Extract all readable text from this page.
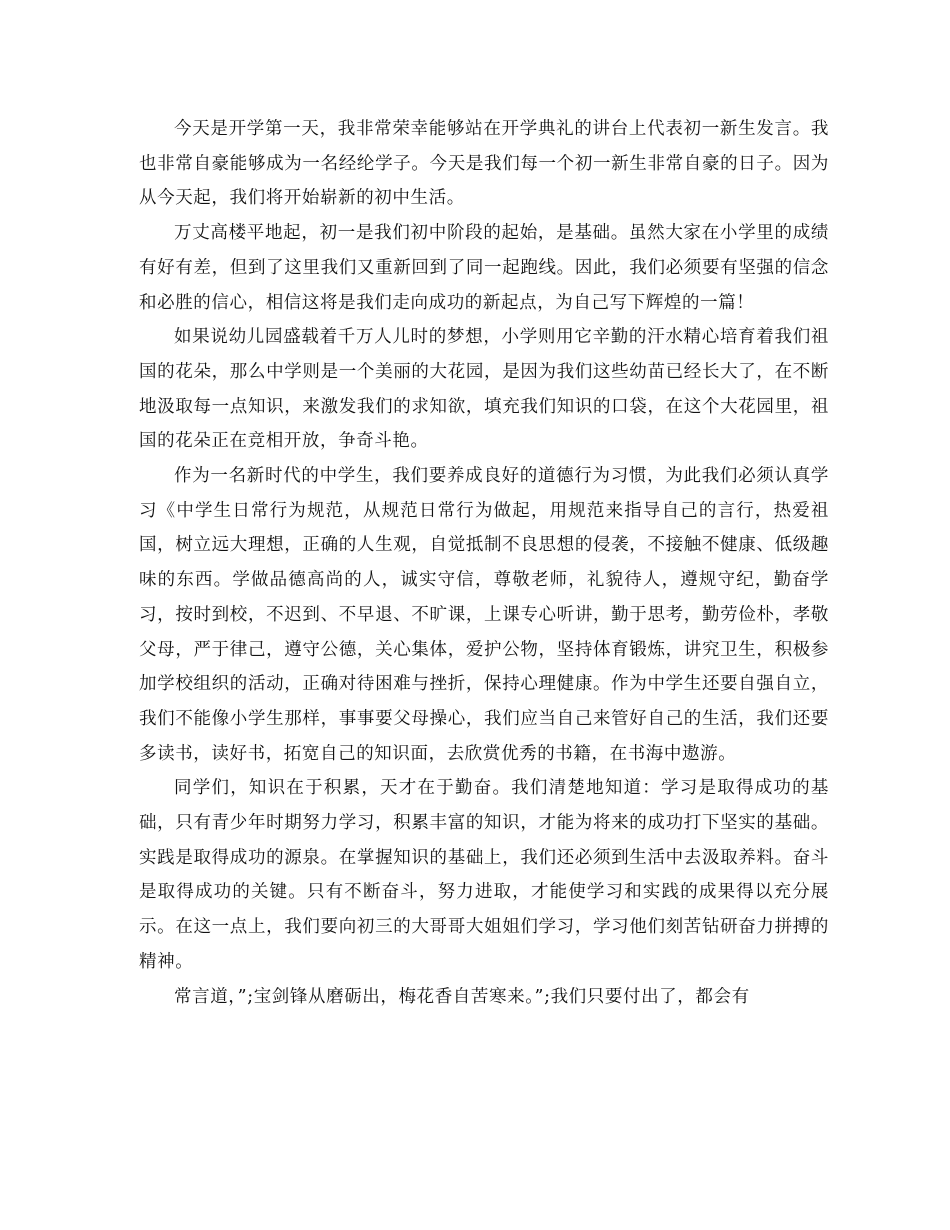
今天是开学第一天，我非常荣幸能够站在开学典礼的讲台上代表初一新生发言。我也非常自豪能够成为一名经纶学子。今天是我们每一个初一新生非常自豪的日子。因为从今天起，我们将开始崭新的初中生活。

万丈高楼平地起，初一是我们初中阶段的起始，是基础。虽然大家在小学里的成绩有好有差，但到了这里我们又重新回到了同一起跑线。因此，我们必须要有坚强的信念和必胜的信心，相信这将是我们走向成功的新起点，为自己写下辉煌的一篇！

如果说幼儿园盛载着千万人儿时的梦想，小学则用它辛勤的汗水精心培育着我们祖国的花朵，那么中学则是一个美丽的大花园，是因为我们这些幼苗已经长大了，在不断地汲取每一点知识，来激发我们的求知欲，填充我们知识的口袋，在这个大花园里，祖国的花朵正在竞相开放，争奇斗艳。

作为一名新时代的中学生，我们要养成良好的道德行为习惯，为此我们必须认真学习《中学生日常行为规范，从规范日常行为做起，用规范来指导自己的言行，热爱祖国，树立远大理想，正确的人生观，自觉抵制不良思想的侵袭，不接触不健康、低级趣味的东西。学做品德高尚的人，诚实守信，尊敬老师，礼貌待人，遵规守纪，勤奋学习，按时到校，不迟到、不早退、不旷课，上课专心听讲，勤于思考，勤劳俭朴，孝敬父母，严于律己，遵守公德，关心集体，爱护公物，坚持体育锻炼，讲究卫生，积极参加学校组织的活动，正确对待困难与挫折，保持心理健康。作为中学生还要自强自立，我们不能像小学生那样，事事要父母操心，我们应当自己来管好自己的生活，我们还要多读书，读好书，拓宽自己的知识面，去欣赏优秀的书籍，在书海中遨游。

同学们，知识在于积累，天才在于勤奋。我们清楚地知道：学习是取得成功的基础，只有青少年时期努力学习，积累丰富的知识，才能为将来的成功打下坚实的基础。实践是取得成功的源泉。在掌握知识的基础上，我们还必须到生活中去汲取养料。奋斗是取得成功的关键。只有不断奋斗，努力进取，才能使学习和实践的成果得以充分展示。在这一点上，我们要向初三的大哥哥大姐姐们学习，学习他们刻苦钻研奋力拼搏的精神。

常言道，”;宝剑锋从磨砺出，梅花香自苦寒来。”;我们只要付出了，都会有
